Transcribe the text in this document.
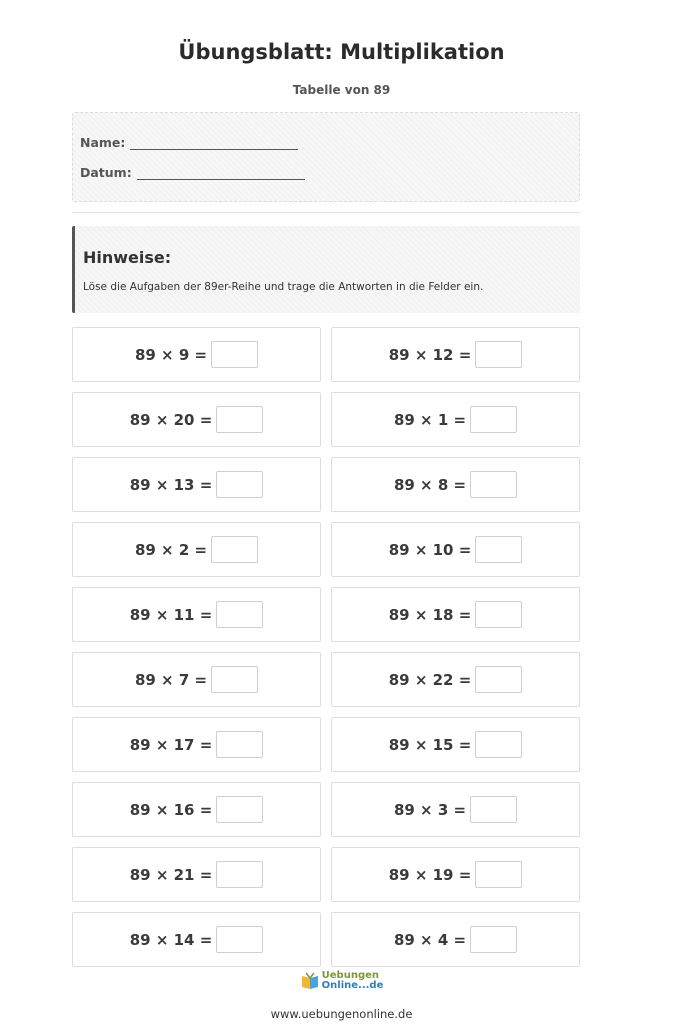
Übungsblatt: Multiplikation
Tabelle von 89
Name:
Datum:
Hinweise:
Löse die Aufgaben der 89er-Reihe und trage die Antworten in die Felder ein.
89 × 9 =	89 × 12 =
89 × 20 =	89 × 1 =
89 × 13 =	89 × 8 =
89 × 2 =	89 × 10 =
89 × 11 =	89 × 18 =
89 × 7 =	89 × 22 =
89 × 17 =	89 × 15 =
89 × 16 =	89 × 3 =
89 × 21 =	89 × 19 =
89 × 14 =	89 × 4 =
Uebungen
Online...de
www.uebungenonline.de
